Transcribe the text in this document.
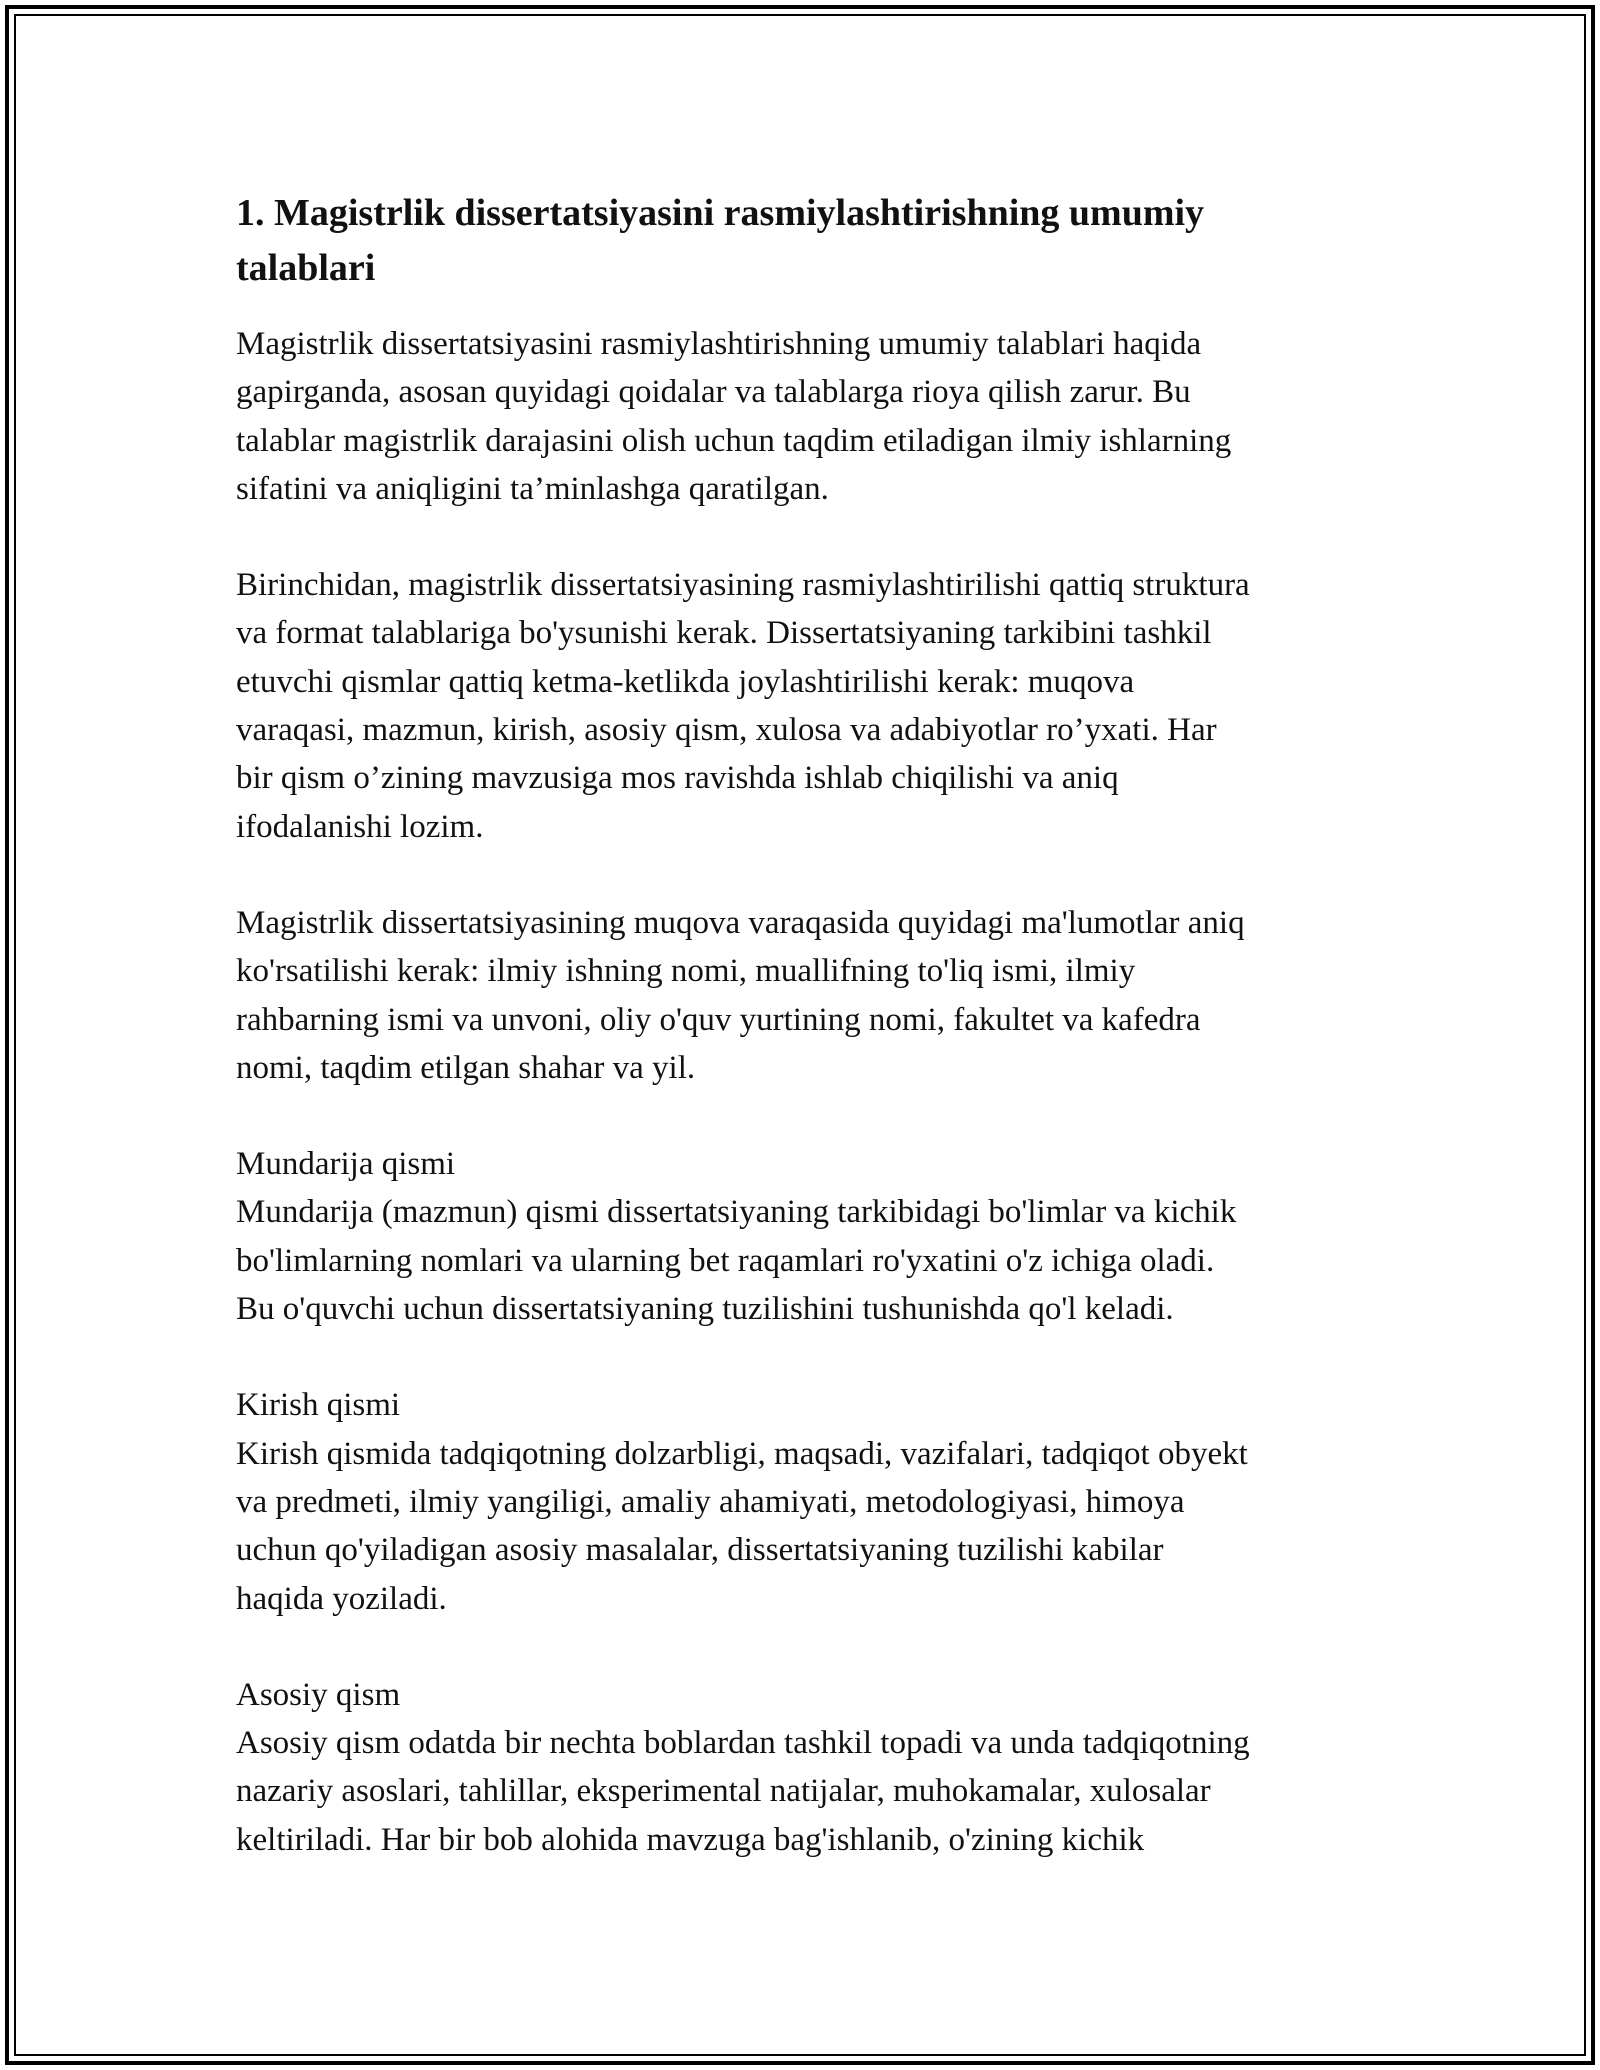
1. Magistrlik dissertatsiyasini rasmiylashtirishning umumiy
talablari
Magistrlik dissertatsiyasini rasmiylashtirishning umumiy talablari haqida
gapirganda, asosan quyidagi qoidalar va talablarga rioya qilish zarur. Bu
talablar magistrlik darajasini olish uchun taqdim etiladigan ilmiy ishlarning
sifatini va aniqligini ta’minlashga qaratilgan.
Birinchidan, magistrlik dissertatsiyasining rasmiylashtirilishi qattiq struktura
va format talablariga bo'ysunishi kerak. Dissertatsiyaning tarkibini tashkil
etuvchi qismlar qattiq ketma-ketlikda joylashtirilishi kerak: muqova
varaqasi, mazmun, kirish, asosiy qism, xulosa va adabiyotlar ro’yxati. Har
bir qism o’zining mavzusiga mos ravishda ishlab chiqilishi va aniq
ifodalanishi lozim.
Magistrlik dissertatsiyasining muqova varaqasida quyidagi ma'lumotlar aniq
ko'rsatilishi kerak: ilmiy ishning nomi, muallifning to'liq ismi, ilmiy
rahbarning ismi va unvoni, oliy o'quv yurtining nomi, fakultet va kafedra
nomi, taqdim etilgan shahar va yil.
Mundarija qismi
Mundarija (mazmun) qismi dissertatsiyaning tarkibidagi bo'limlar va kichik
bo'limlarning nomlari va ularning bet raqamlari ro'yxatini o'z ichiga oladi.
Bu o'quvchi uchun dissertatsiyaning tuzilishini tushunishda qo'l keladi.
Kirish qismi
Kirish qismida tadqiqotning dolzarbligi, maqsadi, vazifalari, tadqiqot obyekt
va predmeti, ilmiy yangiligi, amaliy ahamiyati, metodologiyasi, himoya
uchun qo'yiladigan asosiy masalalar, dissertatsiyaning tuzilishi kabilar
haqida yoziladi.
Asosiy qism
Asosiy qism odatda bir nechta boblardan tashkil topadi va unda tadqiqotning
nazariy asoslari, tahlillar, eksperimental natijalar, muhokamalar, xulosalar
keltiriladi. Har bir bob alohida mavzuga bag'ishlanib, o'zining kichik
